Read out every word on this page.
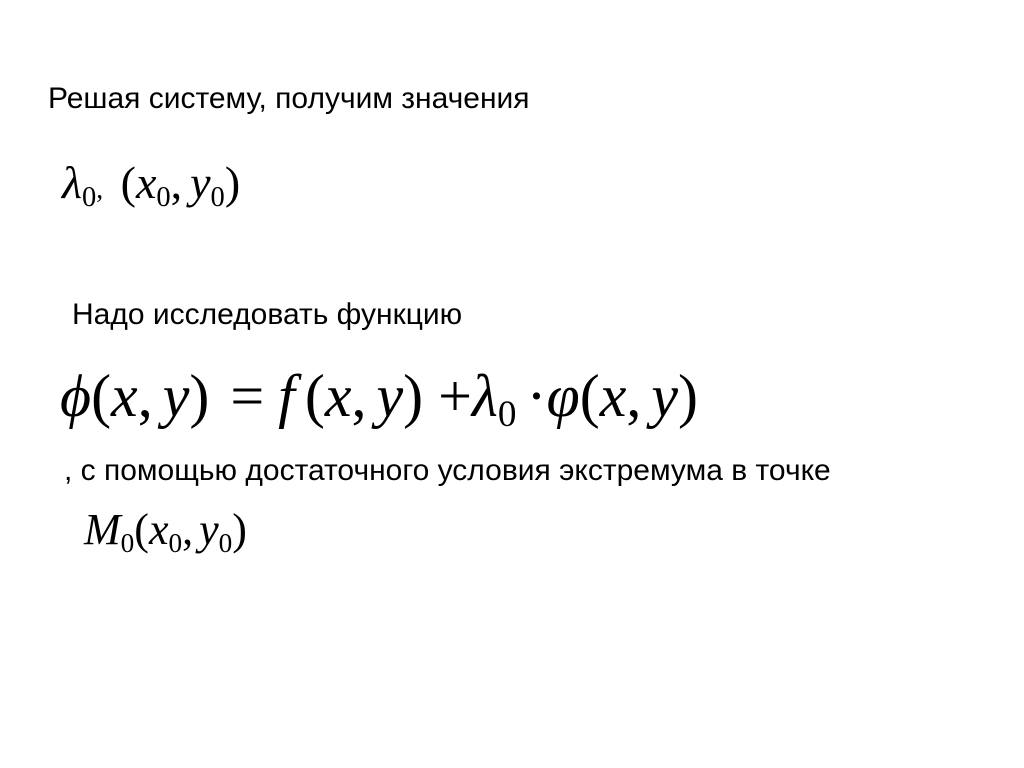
Решая систему, получим значения
λ0, (x0, y0)
Надо исследовать функцию
ϕ(x, y) = f (x, y) +λ0 ·φ(x, y)
, с помощью достаточного условия экстремума в точке
M0(x0, y0)
